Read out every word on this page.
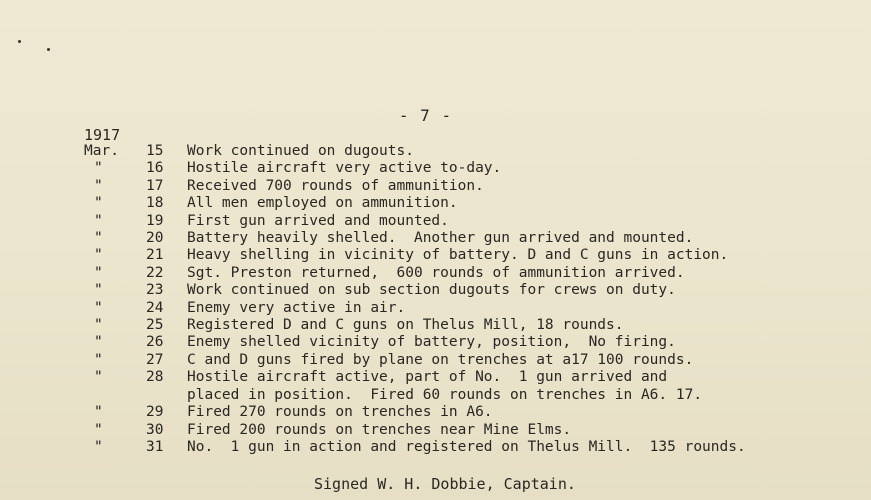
- 7 -
1917
Mar.	15	Work continued on dugouts.
"	16	Hostile aircraft very active to-day.
"	17	Received 700 rounds of ammunition.
"	18	All men employed on ammunition.
"	19	First gun arrived and mounted.
"	20	Battery heavily shelled.  Another gun arrived and mounted.
"	21	Heavy shelling in vicinity of battery. D and C guns in action.
"	22	Sgt. Preston returned,  600 rounds of ammunition arrived.
"	23	Work continued on sub section dugouts for crews on duty.
"	24	Enemy very active in air.
"	25	Registered D and C guns on Thelus Mill, 18 rounds.
"	26	Enemy shelled vicinity of battery, position,  No firing.
"	27	C and D guns fired by plane on trenches at a17 100 rounds.
"	28	Hostile aircraft active, part of No.  1 gun arrived and
placed in position.  Fired 60 rounds on trenches in A6. 17.
"	29	Fired 270 rounds on trenches in A6.
"	30	Fired 200 rounds on trenches near Mine Elms.
"	31	No.  1 gun in action and registered on Thelus Mill.  135 rounds.
Signed W. H. Dobbie, Captain.
